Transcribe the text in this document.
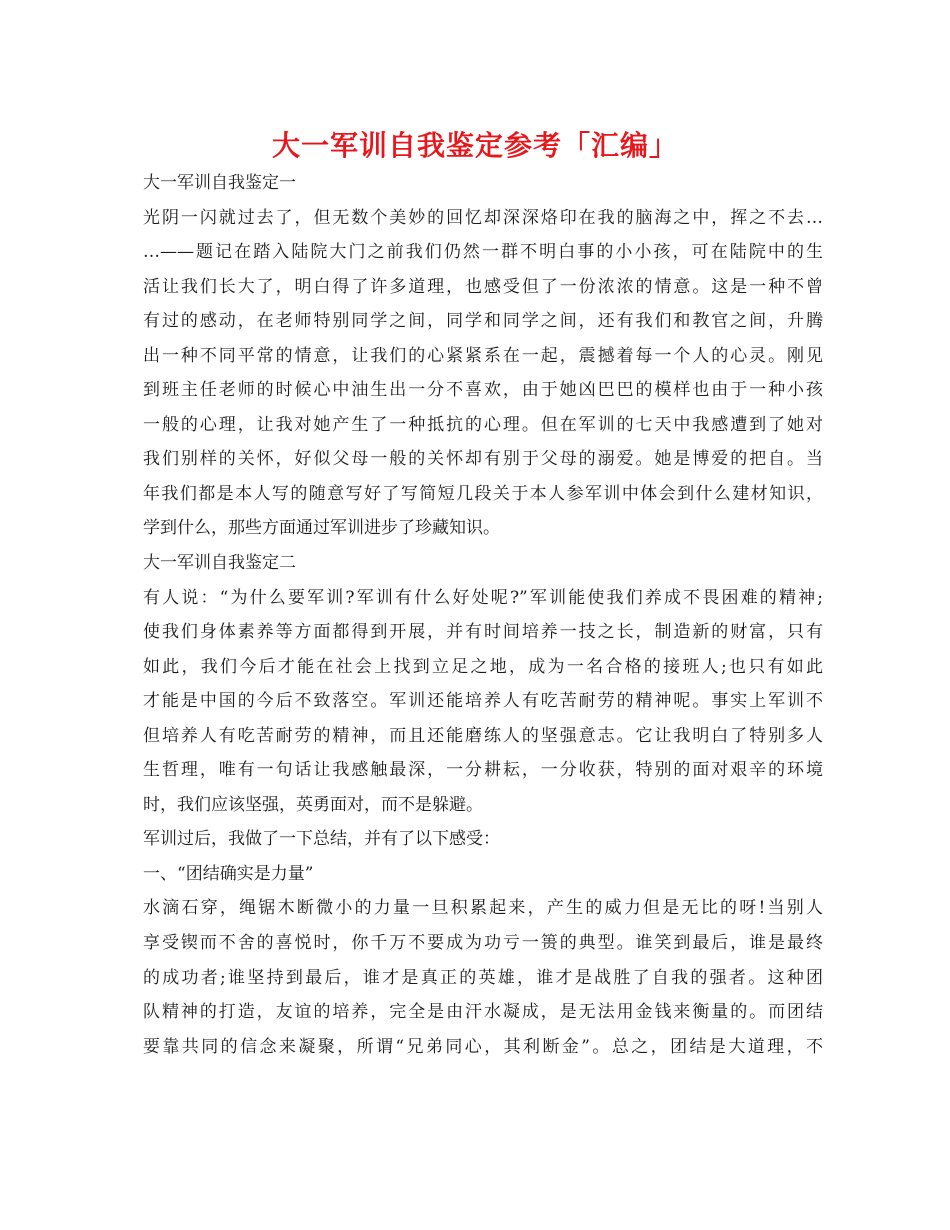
大一军训自我鉴定参考「汇编」
大一军训自我鉴定一
光阴一闪就过去了，但无数个美妙的回忆却深深烙印在我的脑海之中，挥之不去…
…——题记在踏入陆院大门之前我们仍然一群不明白事的小小孩，可在陆院中的生
活让我们长大了，明白得了许多道理，也感受但了一份浓浓的情意。这是一种不曾
有过的感动，在老师特别同学之间，同学和同学之间，还有我们和教官之间，升腾
出一种不同平常的情意，让我们的心紧紧系在一起，震撼着每一个人的心灵。刚见
到班主任老师的时候心中油生出一分不喜欢，由于她凶巴巴的模样也由于一种小孩
一般的心理，让我对她产生了一种抵抗的心理。但在军训的七天中我感遭到了她对
我们别样的关怀，好似父母一般的关怀却有别于父母的溺爱。她是博爱的把自。当
年我们都是本人写的随意写好了写简短几段关于本人参军训中体会到什么建材知识，
学到什么，那些方面通过军训进步了珍藏知识。
大一军训自我鉴定二
有人说：“为什么要军训?军训有什么好处呢?”军训能使我们养成不畏困难的精神;
使我们身体素养等方面都得到开展，并有时间培养一技之长，制造新的财富，只有
如此，我们今后才能在社会上找到立足之地，成为一名合格的接班人;也只有如此
才能是中国的今后不致落空。军训还能培养人有吃苦耐劳的精神呢。事实上军训不
但培养人有吃苦耐劳的精神，而且还能磨练人的坚强意志。它让我明白了特别多人
生哲理，唯有一句话让我感触最深，一分耕耘，一分收获，特别的面对艰辛的环境
时，我们应该坚强，英勇面对，而不是躲避。
军训过后，我做了一下总结，并有了以下感受：
一、“团结确实是力量”
水滴石穿，绳锯木断微小的力量一旦积累起来，产生的威力但是无比的呀!当别人
享受锲而不舍的喜悦时，你千万不要成为功亏一篑的典型。谁笑到最后，谁是最终
的成功者;谁坚持到最后，谁才是真正的英雄，谁才是战胜了自我的强者。这种团
队精神的打造，友谊的培养，完全是由汗水凝成，是无法用金钱来衡量的。而团结
要靠共同的信念来凝聚，所谓“兄弟同心，其利断金”。总之，团结是大道理，不
